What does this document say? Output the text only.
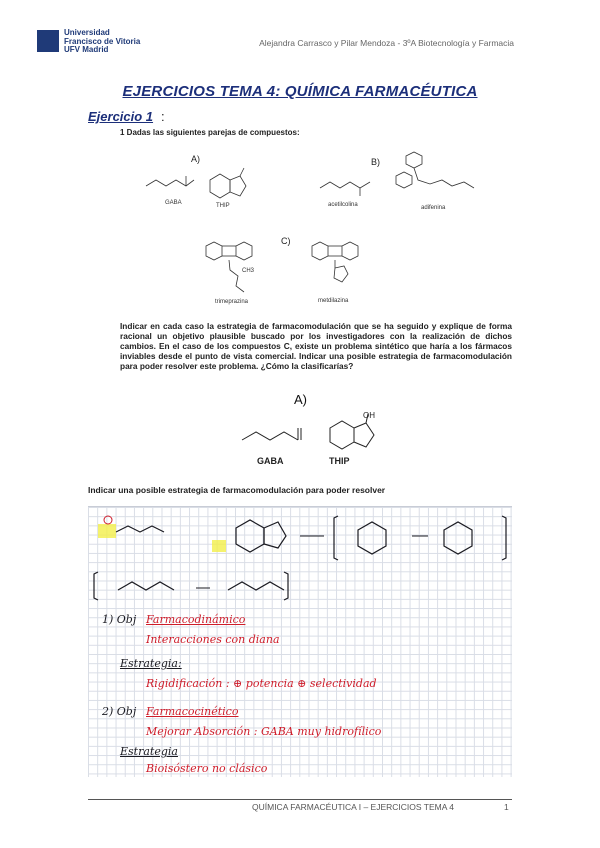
Universidad
Francisco de Vitoria
UFV Madrid
Alejandra Carrasco y Pilar Mendoza - 3ºA Biotecnología y Farmacia
EJERCICIOS TEMA 4: QUÍMICA FARMACÉUTICA
Ejercicio 1 :
1 Dadas las siguientes parejas de compuestos:
A)
GABA	THIP
B)
acetilcolina	adifenina
C)
CH3
trimeprazina	metdilazina
Indicar en cada caso la estrategia de farmacomodulación que se ha seguido y explique de forma racional un objetivo plausible buscado por los investigadores con la realización de dichos cambios. En el caso de los compuestos C, existe un problema sintético que haría a los fármacos inviables desde el punto de vista comercial. Indicar una posible estrategia de farmacomodulación para poder resolver este problema. ¿Cómo la clasificarías?
A)
GABA
OH
THIP
Indicar una posible estrategia de farmacomodulación para poder resolver
1) Obj Farmacodinámico
Interacciones con diana
Estrategia:
Rigidificación : ⊕ potencia ⊕ selectividad
2) Obj Farmacocinético
Mejorar Absorción : GABA muy hidrofílico
Estrategia
Bioisóstero no clásico
QUÍMICA FARMACÉUTICA I – EJERCICIOS TEMA 4	1
